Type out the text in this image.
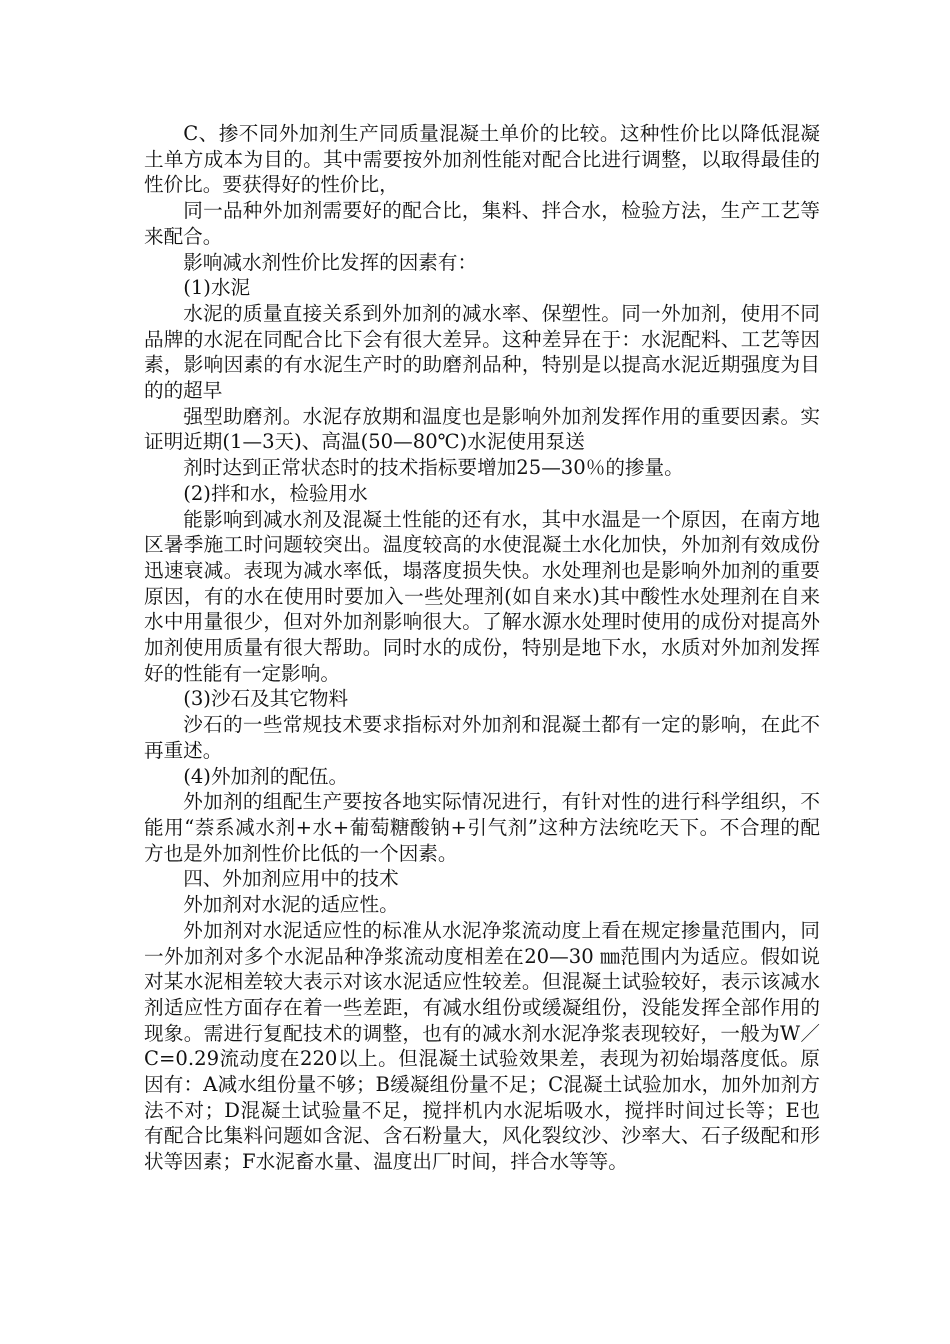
C、掺不同外加剂生产同质量混凝土单价的比较。这种性价比以降低混凝土单方成本为目的。其中需要按外加剂性能对配合比进行调整，以取得最佳的性价比。要获得好的性价比，

同一品种外加剂需要好的配合比，集料、拌合水，检验方法，生产工艺等来配合。

影响减水剂性价比发挥的因素有：

(1)水泥

水泥的质量直接关系到外加剂的减水率、保塑性。同一外加剂，使用不同品牌的水泥在同配合比下会有很大差异。这种差异在于：水泥配料、工艺等因素，影响因素的有水泥生产时的助磨剂品种，特别是以提高水泥近期强度为目的的超早

强型助磨剂。水泥存放期和温度也是影响外加剂发挥作用的重要因素。实证明近期(1—3天)、高温(50—80℃)水泥使用泵送

剂时达到正常状态时的技术指标要增加25—30％的掺量。

(2)拌和水，检验用水

能影响到减水剂及混凝土性能的还有水，其中水温是一个原因，在南方地区暑季施工时问题较突出。温度较高的水使混凝土水化加快，外加剂有效成份迅速衰减。表现为减水率低，塌落度损失快。水处理剂也是影响外加剂的重要原因，有的水在使用时要加入一些处理剂(如自来水)其中酸性水处理剂在自来水中用量很少，但对外加剂影响很大。了解水源水处理时使用的成份对提高外加剂使用质量有很大帮助。同时水的成份，特别是地下水，水质对外加剂发挥好的性能有一定影响。

(3)沙石及其它物料

沙石的一些常规技术要求指标对外加剂和混凝土都有一定的影响，在此不再重述。

(4)外加剂的配伍。

外加剂的组配生产要按各地实际情况进行，有针对性的进行科学组织，不能用“萘系减水剂+水+葡萄糖酸钠+引气剂”这种方法统吃天下。不合理的配方也是外加剂性价比低的一个因素。

四、外加剂应用中的技术

外加剂对水泥的适应性。

外加剂对水泥适应性的标准从水泥净浆流动度上看在规定掺量范围内，同一外加剂对多个水泥品种净浆流动度相差在20—30 ㎜范围内为适应。假如说对某水泥相差较大表示对该水泥适应性较差。但混凝土试验较好，表示该减水剂适应性方面存在着一些差距，有减水组份或缓凝组份，没能发挥全部作用的现象。需进行复配技术的调整，也有的减水剂水泥净浆表现较好，一般为W／C=0.29流动度在220以上。但混凝土试验效果差，表现为初始塌落度低。原因有：A减水组份量不够；B缓凝组份量不足；C混凝土试验加水，加外加剂方法不对；D混凝土试验量不足，搅拌机内水泥垢吸水，搅拌时间过长等；E也有配合比集料问题如含泥、含石粉量大，风化裂纹沙、沙率大、石子级配和形状等因素；F水泥畜水量、温度出厂时间，拌合水等等。
